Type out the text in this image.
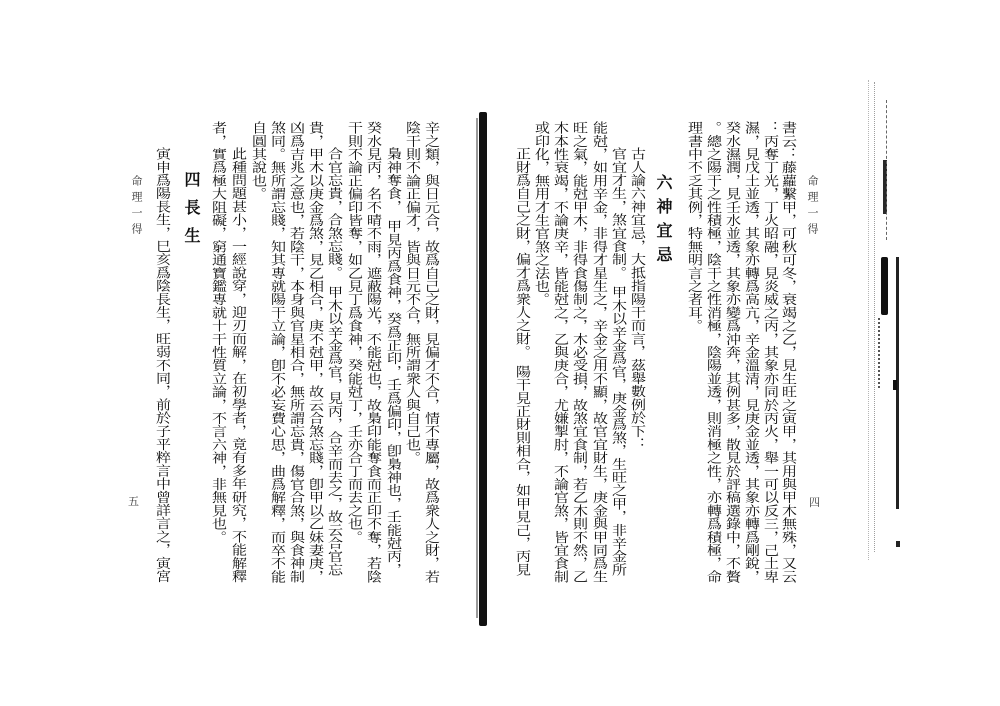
命理一得
四
書云：藤蘿繫甲，可秋可冬，衰竭之乙，見生旺之寅甲，其用與甲木無殊，又云
：丙奪丁光，丁火昭融，見炎威之丙，其象亦同於丙火，舉一可以反三，己土卑
濕，見戊土並透，其象亦轉爲高亢，辛金溫清，見庚金並透，其象亦轉爲剛銳，
癸水濕潤，見壬水並透，其象亦變爲沖奔，其例甚多，散見於評稿選錄中，不贅
。總之陽干之性積極，陰干之性消極，陰陽並透，則消極之性，亦轉爲積極，命
理書中不乏其例，特無明言之者耳。
六神宜忌
古人論六神宜忌，大抵指陽干而言，茲舉數例於下：
官宜才生，煞宜食制。　甲木以辛金爲官，庚金爲煞，生旺之甲，非辛金所
能尅，如用辛金，非得才星生之，辛金之用不顯，故官宜財生，庚金與甲同爲生
旺之氣，能尅甲木，非得食傷制之，木必受損，故煞宜食制，若乙木則不然，乙
木本性衰竭，不論庚辛，皆能尅之，乙與庚合，尤嫌掣肘，不論官煞，皆宜食制
或印化，無用才生官煞之法也。
正財爲自己之財，偏才爲衆人之財。　陽干見正財則相合，如甲見己，丙見
辛之類，與日元合，故爲自己之財，見偏才不合，情不專屬，故爲衆人之財，若
陰干則不論正偏才，皆與日元不合，無所謂衆人與自己也。
梟神奪食，　甲見丙爲食神，癸爲正印，壬爲偏印，卽梟神也，壬能尅丙，
癸水見丙，名不晴不雨，遮蔽陽光，不能尅也，故梟印能奪食而正印不奪，若陰
干則不論正偏印皆奪，如乙見丁爲食神，癸能尅丁，壬亦合丁而去之也。
合官忘貴，合煞忘賤。　甲木以辛金爲官，見丙，合辛而去之，故云合官忘
貴，甲木以庚金爲煞，見乙相合，庚不尅甲，故云合煞忘賤，卽甲以乙妹妻庚，
凶爲吉兆之意也，若陰干，本身與官星相合，無所謂忘貴，傷官合煞，與食神制
煞同。無所謂忘賤，知其專就陽干立論，卽不必妄費心思，曲爲解釋，而卒不能
自圓其說也。
此種問題甚小，一經說穿，迎刃而解，在初學者，竟有多年研究，不能解釋
者，實爲極大阻礙，窮通寶鑑專就十干性質立論，不言六神，非無見也。
四長生
寅申爲陽長生，巳亥爲陰長生，旺弱不同，前於子平粹言中曾詳言之，寅宮
命理一得
五
